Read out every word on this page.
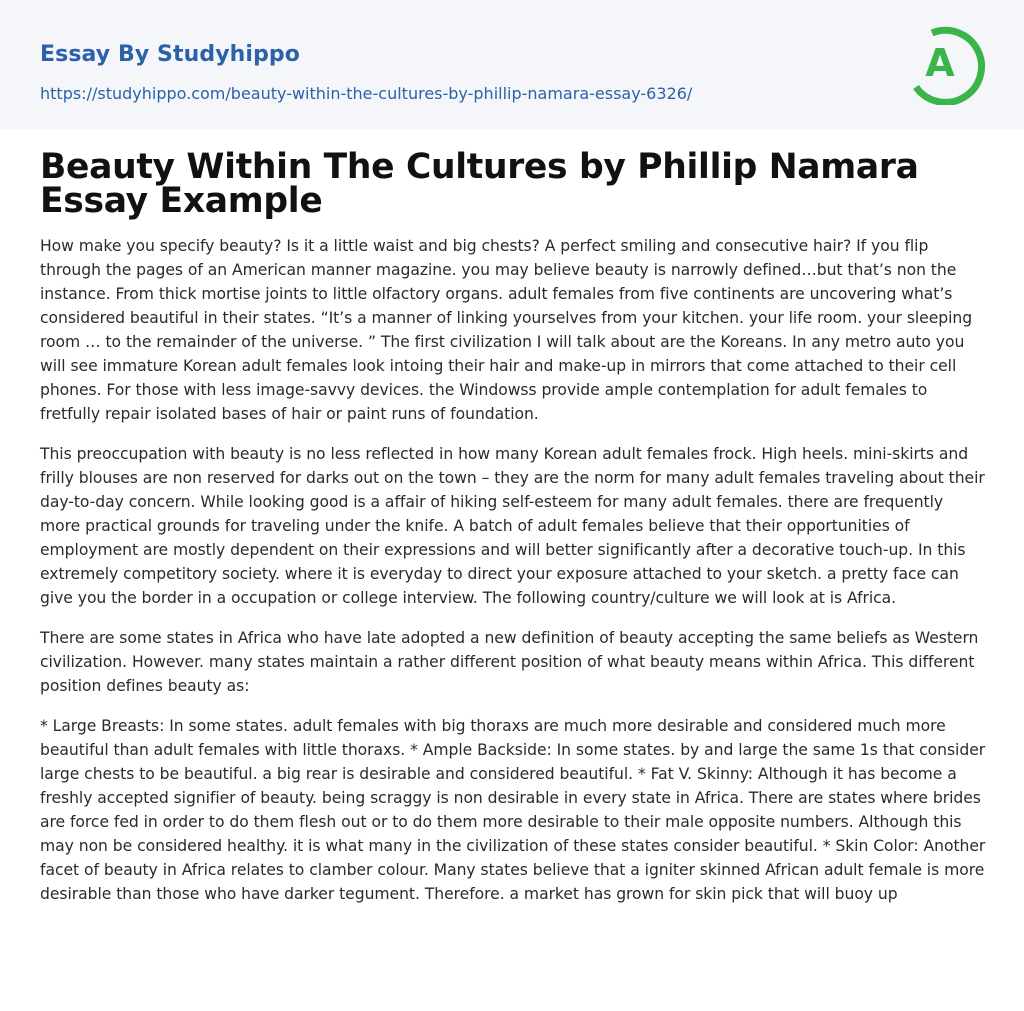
Essay By Studyhippo
https://studyhippo.com/beauty-within-the-cultures-by-phillip-namara-essay-6326/
A
Beauty Within The Cultures by Phillip Namara Essay Example

How make you specify beauty? Is it a little waist and big chests? A perfect smiling and consecutive hair? If you flip through the pages of an American manner magazine. you may believe beauty is narrowly defined…but that’s non the instance. From thick mortise joints to little olfactory organs. adult females from five continents are uncovering what’s considered beautiful in their states. “It’s a manner of linking yourselves from your kitchen. your life room. your sleeping room … to the remainder of the universe. ” The first civilization I will talk about are the Koreans. In any metro auto you will see immature Korean adult females look intoing their hair and make-up in mirrors that come attached to their cell phones. For those with less image-savvy devices. the Windowss provide ample contemplation for adult females to fretfully repair isolated bases of hair or paint runs of foundation.

This preoccupation with beauty is no less reflected in how many Korean adult females frock. High heels. mini-skirts and frilly blouses are non reserved for darks out on the town – they are the norm for many adult females traveling about their day-to-day concern. While looking good is a affair of hiking self-esteem for many adult females. there are frequently more practical grounds for traveling under the knife. A batch of adult females believe that their opportunities of employment are mostly dependent on their expressions and will better significantly after a decorative touch-up. In this extremely competitory society. where it is everyday to direct your exposure attached to your sketch. a pretty face can give you the border in a occupation or college interview. The following country/culture we will look at is Africa.

There are some states in Africa who have late adopted a new definition of beauty accepting the same beliefs as Western civilization. However. many states maintain a rather different position of what beauty means within Africa. This different position defines beauty as:

* Large Breasts: In some states. adult females with big thoraxs are much more desirable and considered much more beautiful than adult females with little thoraxs. * Ample Backside: In some states. by and large the same 1s that consider large chests to be beautiful. a big rear is desirable and considered beautiful. * Fat V. Skinny: Although it has become a freshly accepted signifier of beauty. being scraggy is non desirable in every state in Africa. There are states where brides are force fed in order to do them flesh out or to do them more desirable to their male opposite numbers. Although this may non be considered healthy. it is what many in the civilization of these states consider beautiful. * Skin Color: Another facet of beauty in Africa relates to clamber colour. Many states believe that a igniter skinned African adult female is more desirable than those who have darker tegument. Therefore. a market has grown for skin pick that will buoy up
